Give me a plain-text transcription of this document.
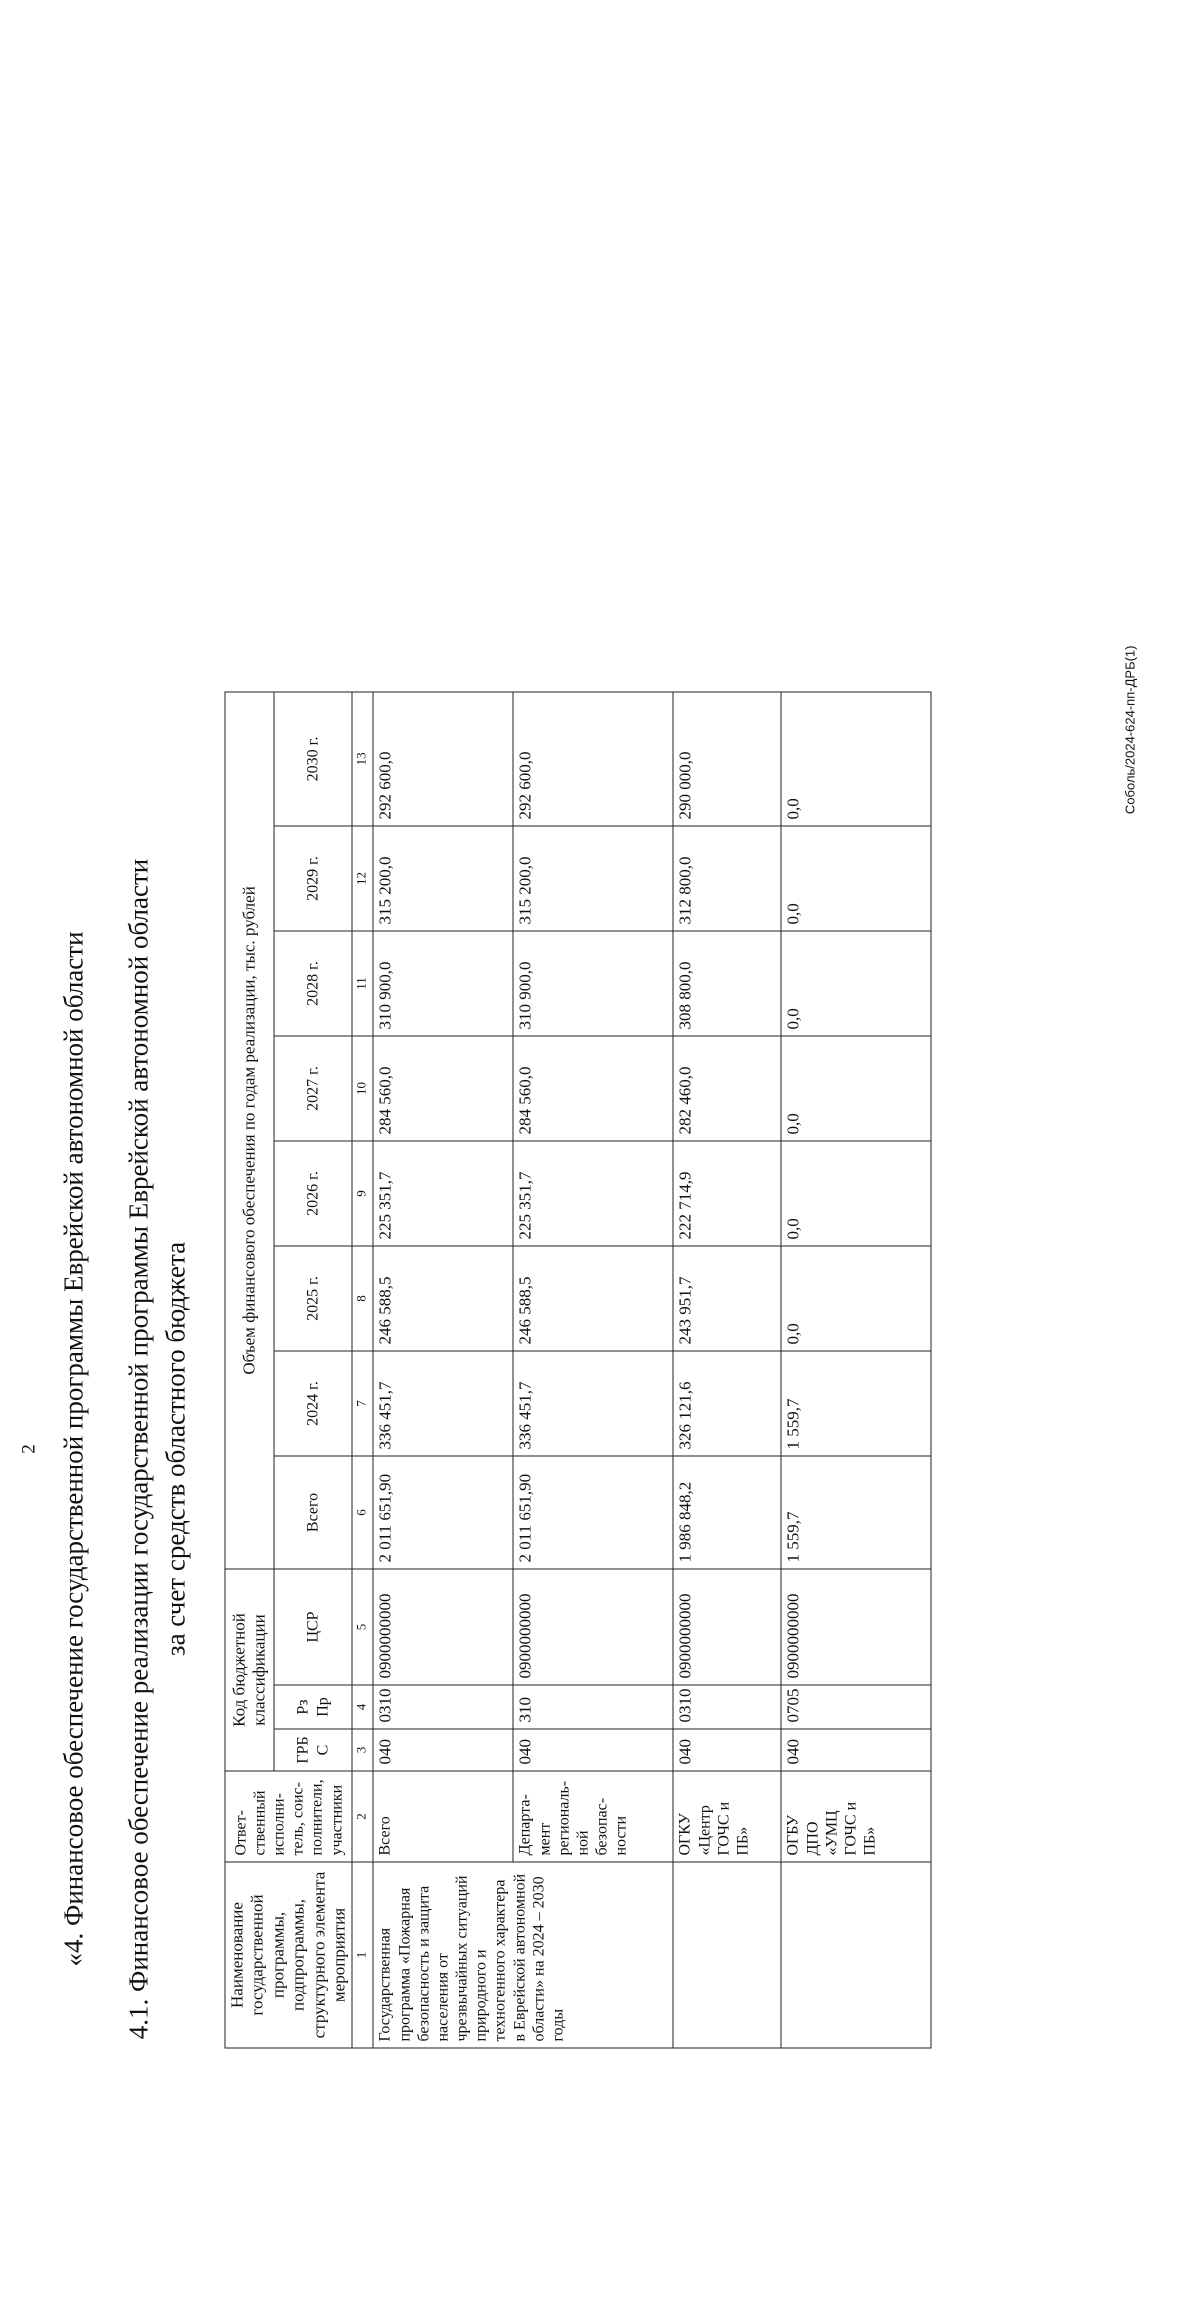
2 «4. Финансовое обеспечение государственной программы Еврейской автономной области 4.1. Финансовое обеспечение реализации государственной программы Еврейской автономной области за счет средств областного бюджета
Наименование государственной программы, подпрограммы, структурного элемента мероприятия	Ответ-ственный исполни-тель, соис-полнители, участники	Код бюджетной классификации			Объем финансового обеспечения по годам реализации, тыс. рублей							
		ГРБ С	Рз Пр	ЦСР	Всего	2024 г.	2025 г.	2026 г.	2027 г.	2028 г.	2029 г.	2030 г.

1	2	3	4	5	6	7	8	9	10	11	12	13
Государственная программа «Пожарная безопасность и защита населения от чрезвычайных ситуаций природного и техногенного характера в Еврейской автономной области» на 2024 – 2030 годы	Всего	040	0310	0900000000	2 011 651,90	336 451,7	246 588,5	225 351,7	284 560,0	310 900,0	315 200,0	292 600,0
	Департа-мент региональ-ной безопас-ности	040	310	0900000000	2 011 651,90	336 451,7	246 588,5	225 351,7	284 560,0	310 900,0	315 200,0	292 600,0
	ОГКУ «Центр ГОЧС и ПБ»	040	0310	0900000000	1 986 848,2	326 121,6	243 951,7	222 714,9	282 460,0	308 800,0	312 800,0	290 000,0
	ОГБУ ДПО «УМЦ ГОЧС и ПБ»	040	0705	0900000000	1 559,7	1 559,7	0,0	0,0	0,0	0,0	0,0	0,0	Соболь/2024-624-пп-ДРБ(1)
